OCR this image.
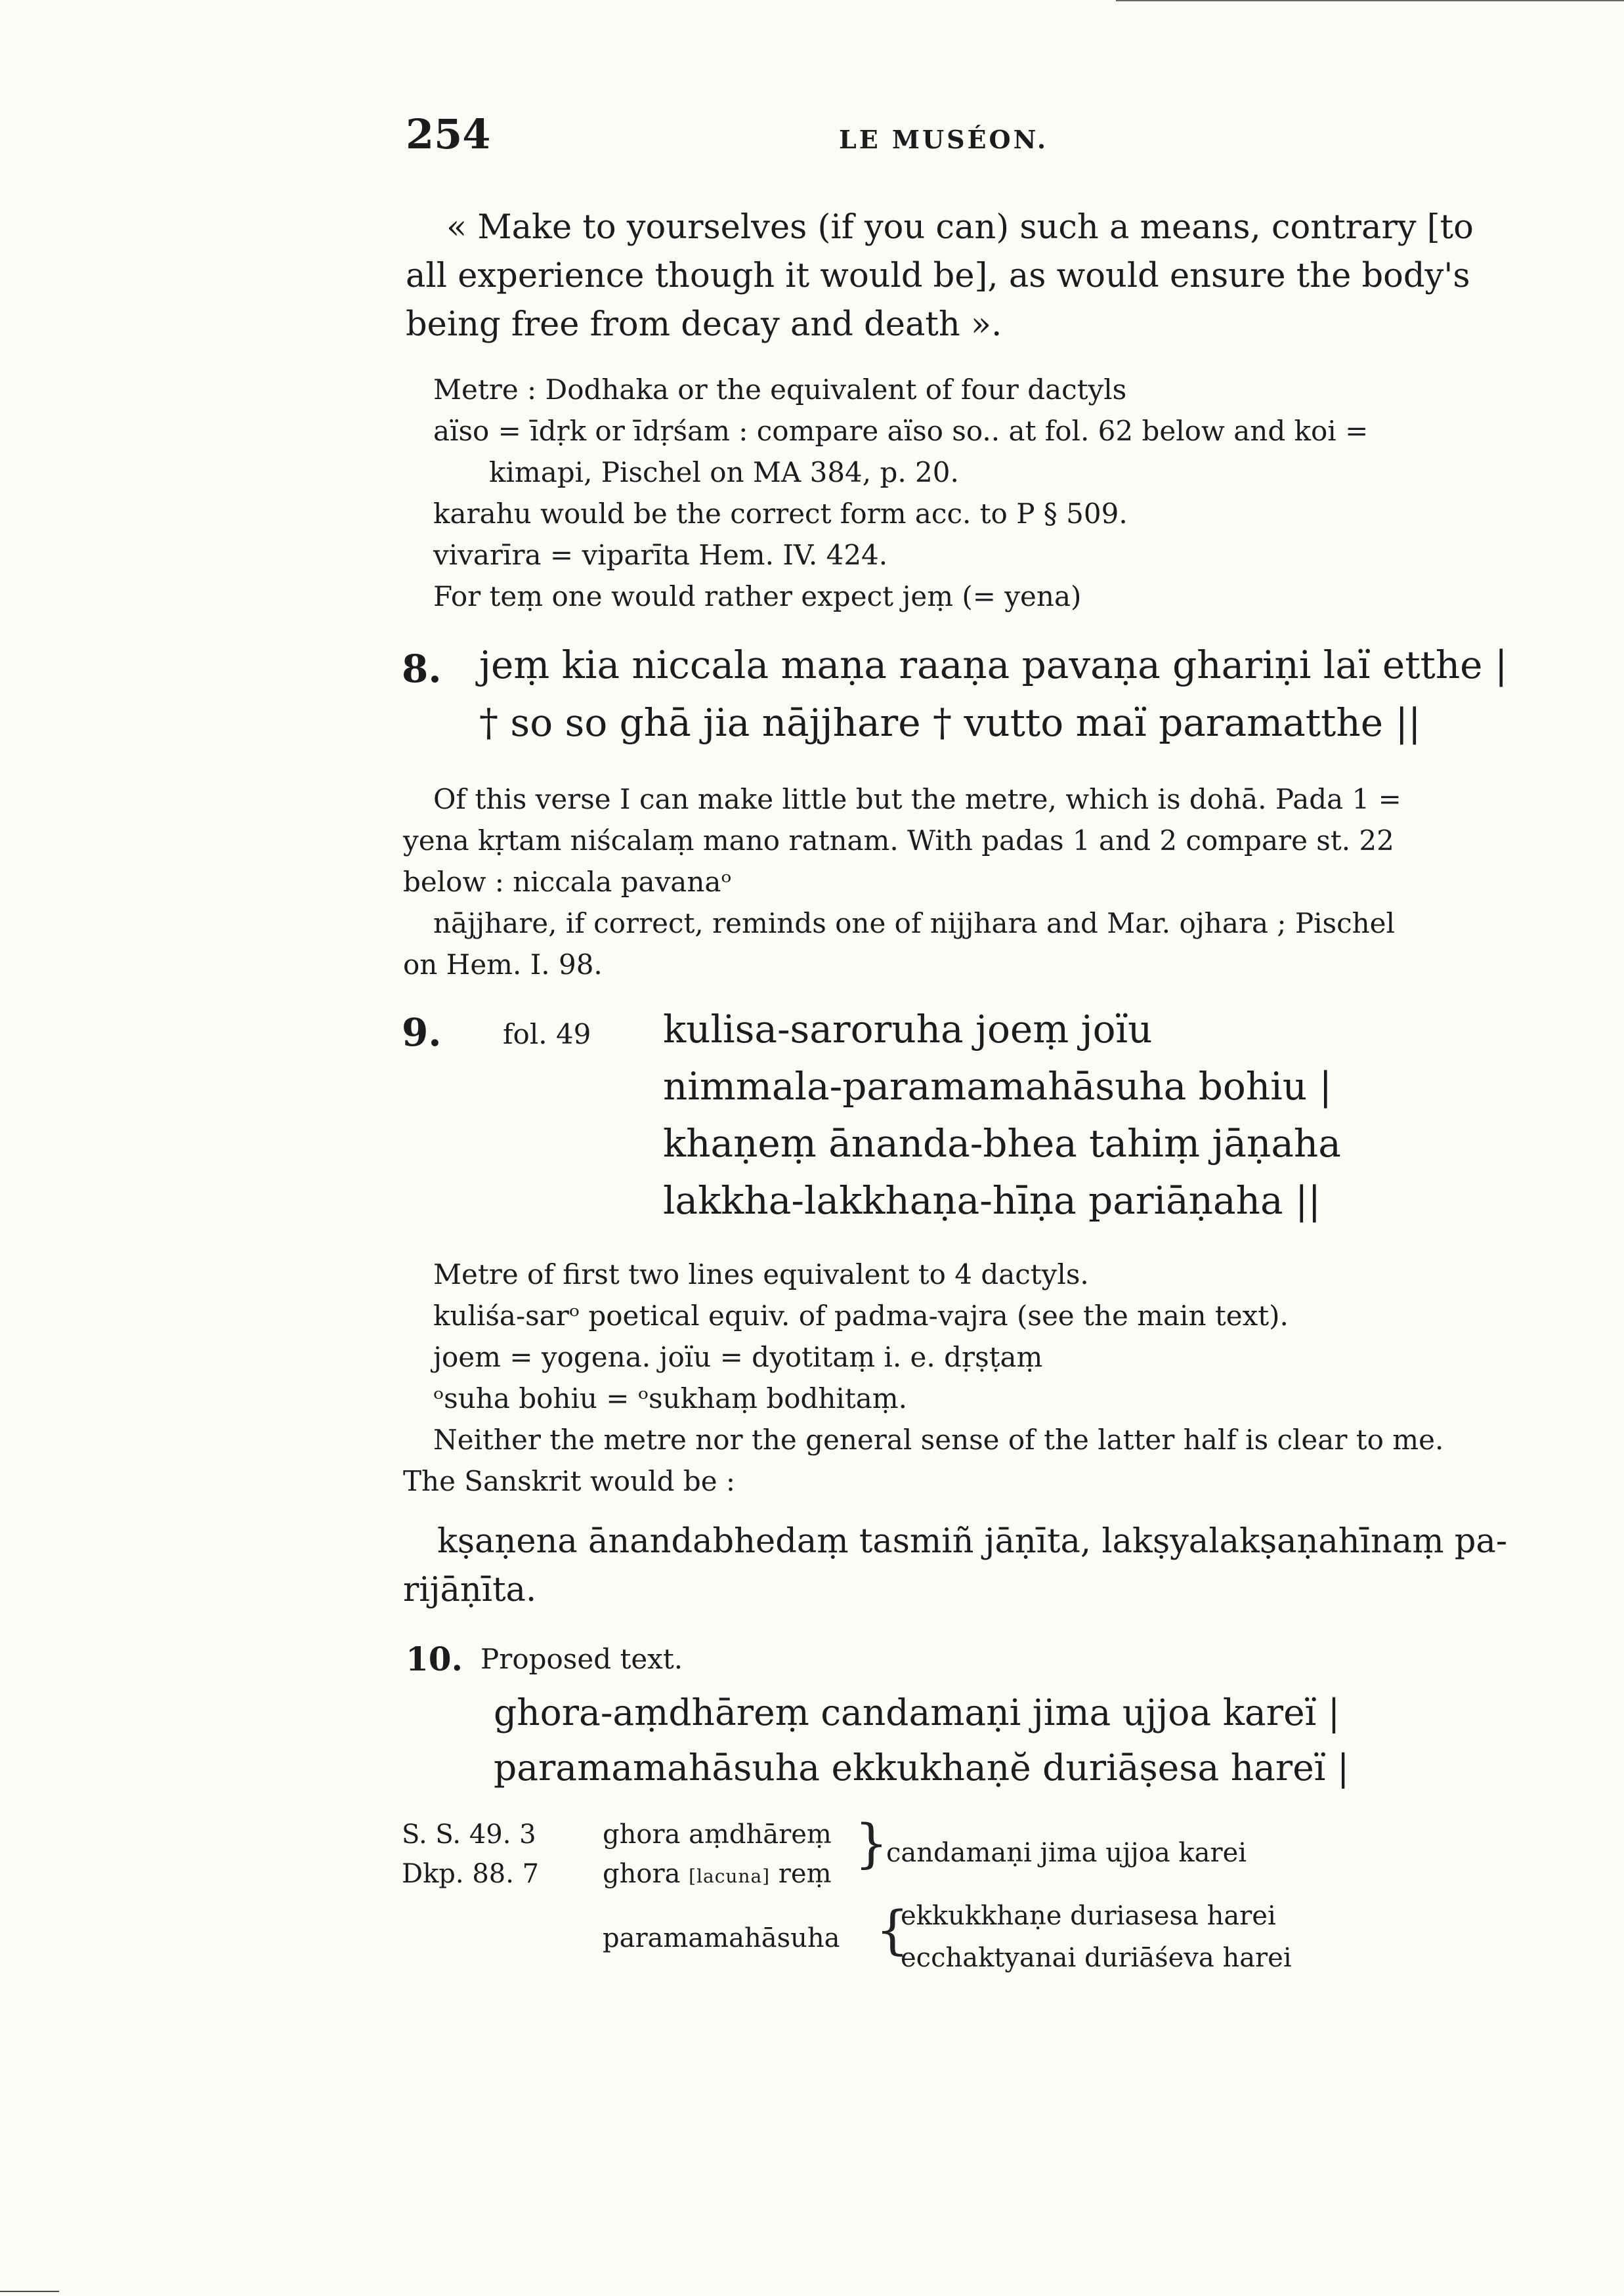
254	LE MUSÉON.
« Make to yourselves (if you can) such a means, contrary [to
all experience though it would be], as would ensure the body's
being free from decay and death ».
Metre : Dodhaka or the equivalent of four dactyls
aïso = īdṛk or īdṛśam : compare aïso so.. at fol. 62 below and koi =
kimapi, Pischel on MA 384, p. 20.
karahu would be the correct form acc. to P § 509.
vivarīra = viparīta Hem. IV. 424.
For teṃ one would rather expect jeṃ (= yena)
8. jeṃ kia niccala maṇa raaṇa pavaṇa ghariṇi laï etthe |
† so so ghā jia nājjhare † vutto maï paramatthe ||
Of this verse I can make little but the metre, which is dohā. Pada 1 =
yena kṛtam niścalaṃ mano ratnam. With padas 1 and 2 compare st. 22
below : niccala pavanaᵒ
nājjhare, if correct, reminds one of nijjhara and Mar. ojhara ; Pischel
on Hem. I. 98.
9. fol. 49 kulisa-saroruha joeṃ joïu
nimmala-paramamahāsuha bohiu |
khaṇeṃ ānanda-bhea tahiṃ jāṇaha
lakkha-lakkhaṇa-hīṇa pariāṇaha ||
Metre of first two lines equivalent to 4 dactyls.
kuliśa-sarᵒ poetical equiv. of padma-vajra (see the main text).
joem = yogena. joïu = dyotitaṃ i. e. dṛṣṭaṃ
ᵒsuha bohiu = ᵒsukhaṃ bodhitaṃ.
Neither the metre nor the general sense of the latter half is clear to me.
The Sanskrit would be :
kṣaṇena ānandabhedaṃ tasmiñ jāṇīta, lakṣyalakṣaṇahīnaṃ pa-
rijāṇīta.
10. Proposed text.
ghora-aṃdhāreṃ candamaṇi jima ujjoa kareï |
paramamahāsuha ekkukhaṇĕ duriāṣesa hareï |
S. S. 49. 3
Dkp. 88. 7
ghora aṃdhāreṃ
ghora [lacuna] reṃ }
candamaṇi jima ujjoa karei
paramamahāsuha {
ekkukkhaṇe duriasesa harei
ecchaktyanai duriāśeva harei
